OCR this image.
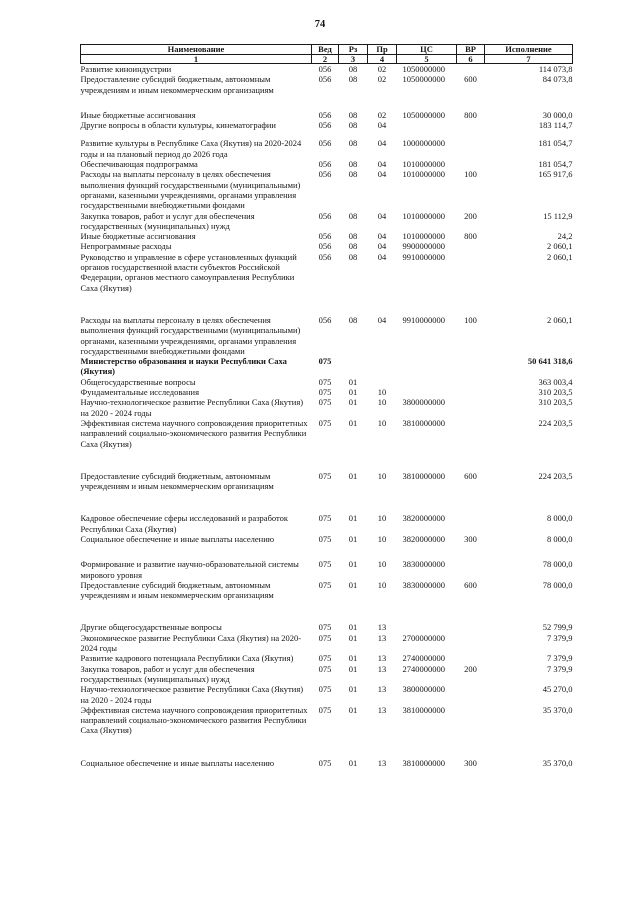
74
Наименование	Вед	Рз	Пр	ЦС	ВР	Исполнение
1	2	3	4	5	6	7
Развитие киноиндустрии	056	08	02	1050000000		114 073,8
Предоставление субсидий бюджетным, автономным учреждениям и иным некоммерческим организациям	056	08	02	1050000000	600	84 073,8
Иные бюджетные ассигнования	056	08	02	1050000000	800	30 000,0
Другие вопросы в области культуры, кинематографии	056	08	04			183 114,7
Развитие культуры в Республике Саха (Якутия) на 2020-2024 годы и на плановый период до 2026 года	056	08	04	1000000000		181 054,7
Обеспечивающая подпрограмма	056	08	04	1010000000		181 054,7
Расходы на выплаты персоналу в целях обеспечения выполнения функций государственными (муниципальными) органами, казенными учреждениями, органами управления государственными внебюджетными фондами	056	08	04	1010000000	100	165 917,6
Закупка товаров, работ и услуг для обеспечения государственных (муниципальных) нужд	056	08	04	1010000000	200	15 112,9
Иные бюджетные ассигнования	056	08	04	1010000000	800	24,2
Непрограммные расходы	056	08	04	9900000000		2 060,1
Руководство и управление в сфере установленных функций органов государственной власти субъектов Российской Федерации, органов местного самоуправления Республики Саха (Якутия)	056	08	04	9910000000		2 060,1
Расходы на выплаты персоналу в целях обеспечения выполнения функций государственными (муниципальными) органами, казенными учреждениями, органами управления государственными внебюджетными фондами	056	08	04	9910000000	100	2 060,1
Министерство образования и науки Республики Саха (Якутия)	075					50 641 318,6
Общегосударственные вопросы	075	01				363 003,4
Фундаментальные исследования	075	01	10			310 203,5
Научно-технологическое развитие Республики Саха (Якутия) на 2020 - 2024 годы	075	01	10	3800000000		310 203,5
Эффективная система научного сопровождения приоритетных направлений социально-экономического развития Республики Саха (Якутия)	075	01	10	3810000000		224 203,5
Предоставление субсидий бюджетным, автономным учреждениям и иным некоммерческим организациям	075	01	10	3810000000	600	224 203,5
Кадровое обеспечение сферы исследований и разработок Республики Саха (Якутия)	075	01	10	3820000000		8 000,0
Социальное обеспечение и иные выплаты населению	075	01	10	3820000000	300	8 000,0
Формирование и развитие научно-образовательной системы мирового уровня	075	01	10	3830000000		78 000,0
Предоставление субсидий бюджетным, автономным учреждениям и иным некоммерческим организациям	075	01	10	3830000000	600	78 000,0
Другие общегосударственные вопросы	075	01	13			52 799,9
Экономическое развитие Республики Саха (Якутия) на 2020-2024 годы	075	01	13	2700000000		7 379,9
Развитие кадрового потенциала Республики Саха (Якутия)	075	01	13	2740000000		7 379,9
Закупка товаров, работ и услуг для обеспечения государственных (муниципальных) нужд	075	01	13	2740000000	200	7 379,9
Научно-технологическое развитие Республики Саха (Якутия) на 2020 - 2024 годы	075	01	13	3800000000		45 270,0
Эффективная система научного сопровождения приоритетных направлений социально-экономического развития Республики Саха (Якутия)	075	01	13	3810000000		35 370,0
Социальное обеспечение и иные выплаты населению	075	01	13	3810000000	300	35 370,0
